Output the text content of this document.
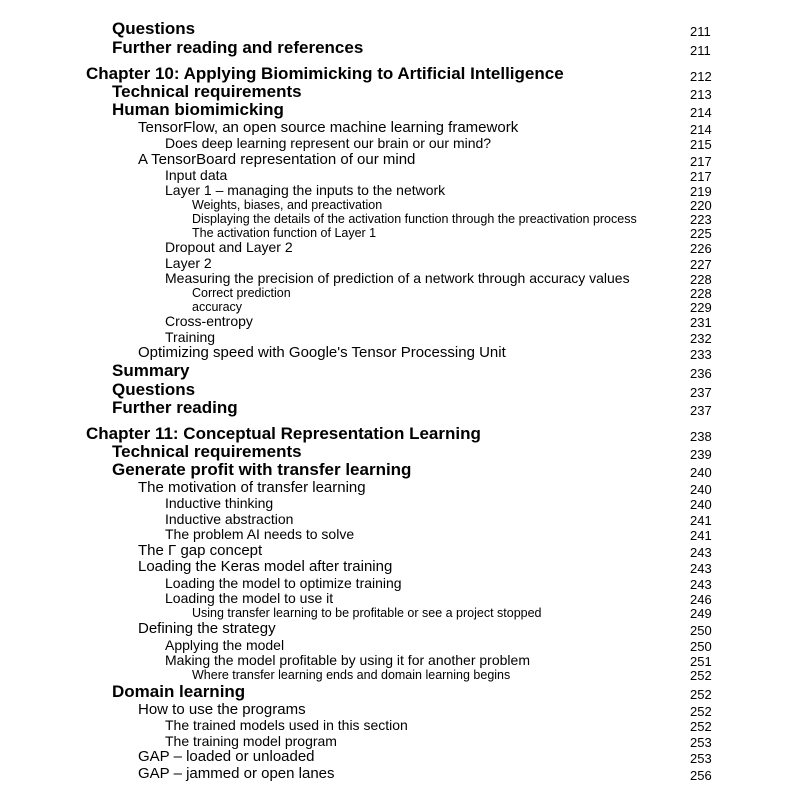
Questions	211
Further reading and references	211
Chapter 10: Applying Biomimicking to Artificial Intelligence	212
Technical requirements	213
Human biomimicking	214
TensorFlow, an open source machine learning framework	214
Does deep learning represent our brain or our mind?	215
A TensorBoard representation of our mind	217
Input data	217
Layer 1 – managing the inputs to the network	219
Weights, biases, and preactivation	220
Displaying the details of the activation function through the preactivation process	223
The activation function of Layer 1	225
Dropout and Layer 2	226
Layer 2	227
Measuring the precision of prediction of a network through accuracy values	228
Correct prediction	228
accuracy	229
Cross-entropy	231
Training	232
Optimizing speed with Google's Tensor Processing Unit	233
Summary	236
Questions	237
Further reading	237
Chapter 11: Conceptual Representation Learning	238
Technical requirements	239
Generate profit with transfer learning	240
The motivation of transfer learning	240
Inductive thinking	240
Inductive abstraction	241
The problem AI needs to solve	241
The Γ gap concept	243
Loading the Keras model after training	243
Loading the model to optimize training	243
Loading the model to use it	246
Using transfer learning to be profitable or see a project stopped	249
Defining the strategy	250
Applying the model	250
Making the model profitable by using it for another problem	251
Where transfer learning ends and domain learning begins	252
Domain learning	252
How to use the programs	252
The trained models used in this section	252
The training model program	253
GAP – loaded or unloaded	253
GAP – jammed or open lanes	256
